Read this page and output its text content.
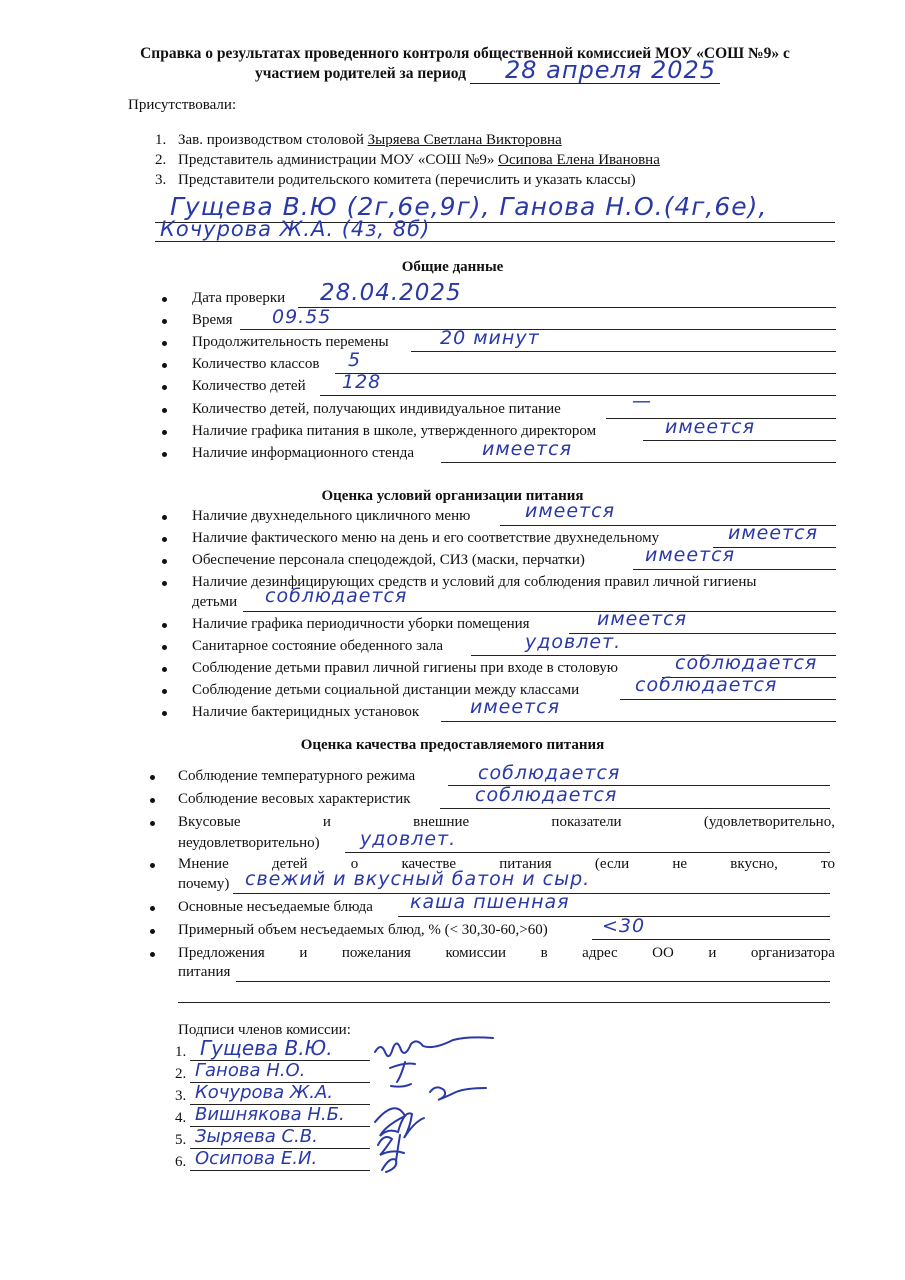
Справка о результатах проведенного контроля общественной комиссией МОУ «СОШ №9» с
участием родителей за период	28 апреля 2025
Присутствовали:
1. Зав. производством столовой Зыряева Светлана Викторовна
2. Представитель администрации МОУ «СОШ №9» Осипова Елена Ивановна
3. Представители родительского комитета (перечислить и указать классы)
Гущева В.Ю (2г,6е,9г), Ганова Н.О.(4г,6е),
Кочурова Ж.А. (4з, 8б)
Общие данные
Оценка условий организации питания
Оценка качества предоставляемого питания
Дата проверки 28.04.2025
Время 09.55
Продолжительность перемены	20 минут
Количество классов 5
Количество детей 128
Количество детей, получающих индивидуальное питание	—
Наличие графика питания в школе, утвержденного директором	имеется
Наличие информационного стенда	имеется
Наличие двухнедельного цикличного меню	имеется
Наличие фактического меню на день и его соответствие двухнедельному	имеется
Обеспечение персонала спецодеждой, СИЗ (маски, перчатки)	имеется
Наличие дезинфицирующих средств и условий для соблюдения правил личной гигиены
детьми соблюдается
Наличие графика периодичности уборки помещения	имеется
Санитарное состояние обеденного зала	удовлет.
Соблюдение детьми правил личной гигиены при входе в столовую	соблюдается
Соблюдение детьми социальной дистанции между классами	соблюдается
Наличие бактерицидных установок	имеется
Соблюдение температурного режима	соблюдается
Соблюдение весовых характеристик	соблюдается
Вкусовые	и	внешние	показатели	(удовлетворительно,
неудовлетворительно) удовлет.
Мнение	детей	о	качестве	питания	(если	не	вкусно,	то
почему) свежий и вкусный батон и сыр.
Основные несъедаемые блюда каша пшенная
Примерный объем несъедаемых блюд, % (< 30,30-60,>60)	<30
Предложения и пожелания комиссии в адрес ОО и организатора
питания
Подписи членов комиссии:
1. Гущева В.Ю.
2. Ганова Н.О.
3. Кочурова Ж.А.
4. Вишнякова Н.Б.
5. Зыряева С.В.
6. Осипова Е.И.
